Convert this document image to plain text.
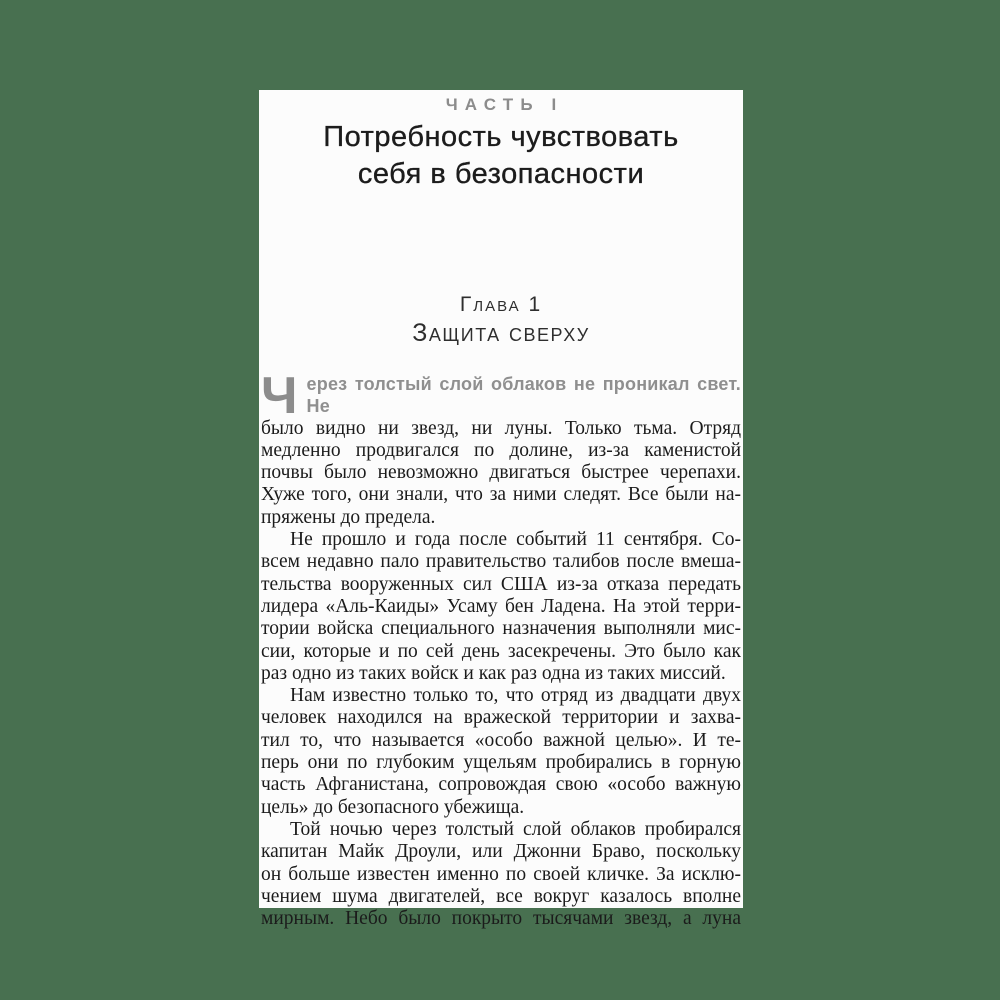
ЧАСТЬ I
Потребность чувствовать
себя в безопасности
Глава 1
Защита сверху
Ч ерез толстый слой облаков не проникал свет. Не
было видно ни звезд, ни луны. Только тьма. Отряд
медленно продвигался по долине, из-за каменистой
почвы было невозможно двигаться быстрее черепахи.
Хуже того, они знали, что за ними следят. Все были на-
пряжены до предела.
Не прошло и года после событий 11 сентября. Со-
всем недавно пало правительство талибов после вмеша-
тельства вооруженных сил США из-за отказа передать
лидера «Аль-Каиды» Усаму бен Ладена. На этой терри-
тории войска специального назначения выполняли мис-
сии, которые и по сей день засекречены. Это было как
раз одно из таких войск и как раз одна из таких миссий.
Нам известно только то, что отряд из двадцати двух
человек находился на вражеской территории и захва-
тил то, что называется «особо важной целью». И те-
перь они по глубоким ущельям пробирались в горную
часть Афганистана, сопровождая свою «особо важную
цель» до безопасного убежища.
Той ночью через толстый слой облаков пробирался
капитан Майк Дроули, или Джонни Браво, поскольку
он больше известен именно по своей кличке. За исклю-
чением шума двигателей, все вокруг казалось вполне
мирным. Небо было покрыто тысячами звезд, а луна
